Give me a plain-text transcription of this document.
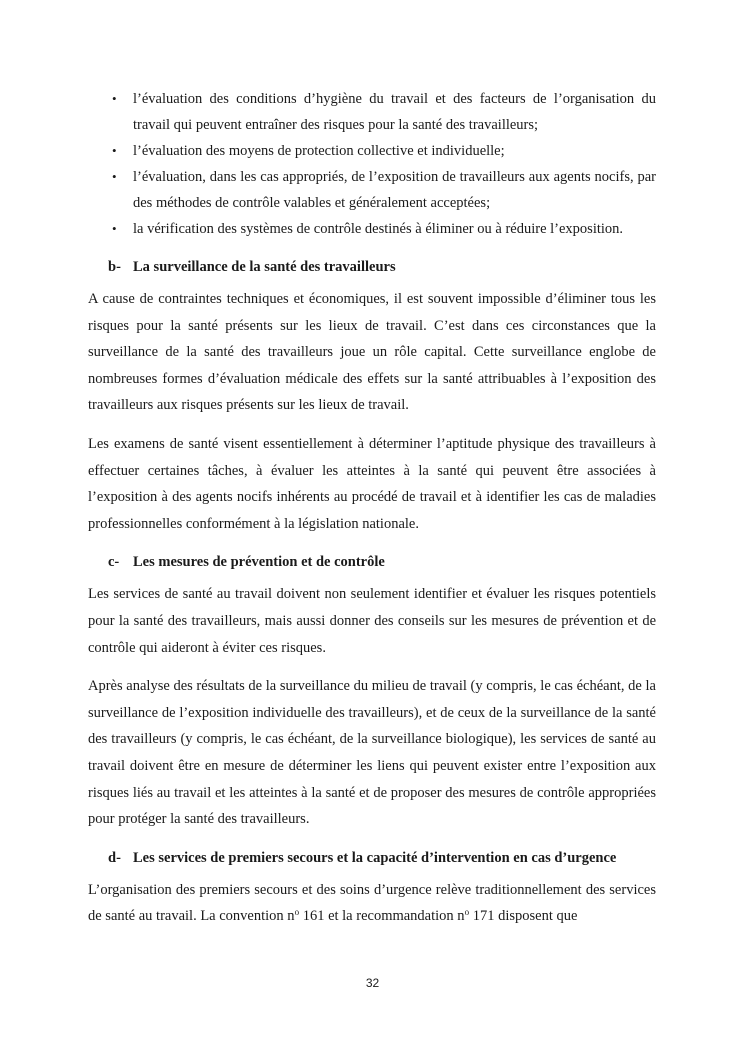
• l’évaluation des conditions d’hygiène du travail et des facteurs de l’organisation du travail qui peuvent entraîner des risques pour la santé des travailleurs;
• l’évaluation des moyens de protection collective et individuelle;
• l’évaluation, dans les cas appropriés, de l’exposition de travailleurs aux agents nocifs, par des méthodes de contrôle valables et généralement acceptées;
• la vérification des systèmes de contrôle destinés à éliminer ou à réduire l’exposition.
b- La surveillance de la santé des travailleurs

A cause de contraintes techniques et économiques, il est souvent impossible d’éliminer tous les risques pour la santé présents sur les lieux de travail. C’est dans ces circonstances que la surveillance de la santé des travailleurs joue un rôle capital. Cette surveillance englobe de nombreuses formes d’évaluation médicale des effets sur la santé attribuables à l’exposition des travailleurs aux risques présents sur les lieux de travail.

Les examens de santé visent essentiellement à déterminer l’aptitude physique des travailleurs à effectuer certaines tâches, à évaluer les atteintes à la santé qui peuvent être associées à l’exposition à des agents nocifs inhérents au procédé de travail et à identifier les cas de maladies professionnelles conformément à la législation nationale.

c- Les mesures de prévention et de contrôle

Les services de santé au travail doivent non seulement identifier et évaluer les risques potentiels pour la santé des travailleurs, mais aussi donner des conseils sur les mesures de prévention et de contrôle qui aideront à éviter ces risques.

Après analyse des résultats de la surveillance du milieu de travail (y compris, le cas échéant, de la surveillance de l’exposition individuelle des travailleurs), et de ceux de la surveillance de la santé des travailleurs (y compris, le cas échéant, de la surveillance biologique), les services de santé au travail doivent être en mesure de déterminer les liens qui peuvent exister entre l’exposition aux risques liés au travail et les atteintes à la santé et de proposer des mesures de contrôle appropriées pour protéger la santé des travailleurs.

d- Les services de premiers secours et la capacité d’intervention en cas d’urgence

L’organisation des premiers secours et des soins d’urgence relève traditionnellement des services de santé au travail. La convention $n^o$ 161 et la recommandation $n^o$ 171 disposent que

32
